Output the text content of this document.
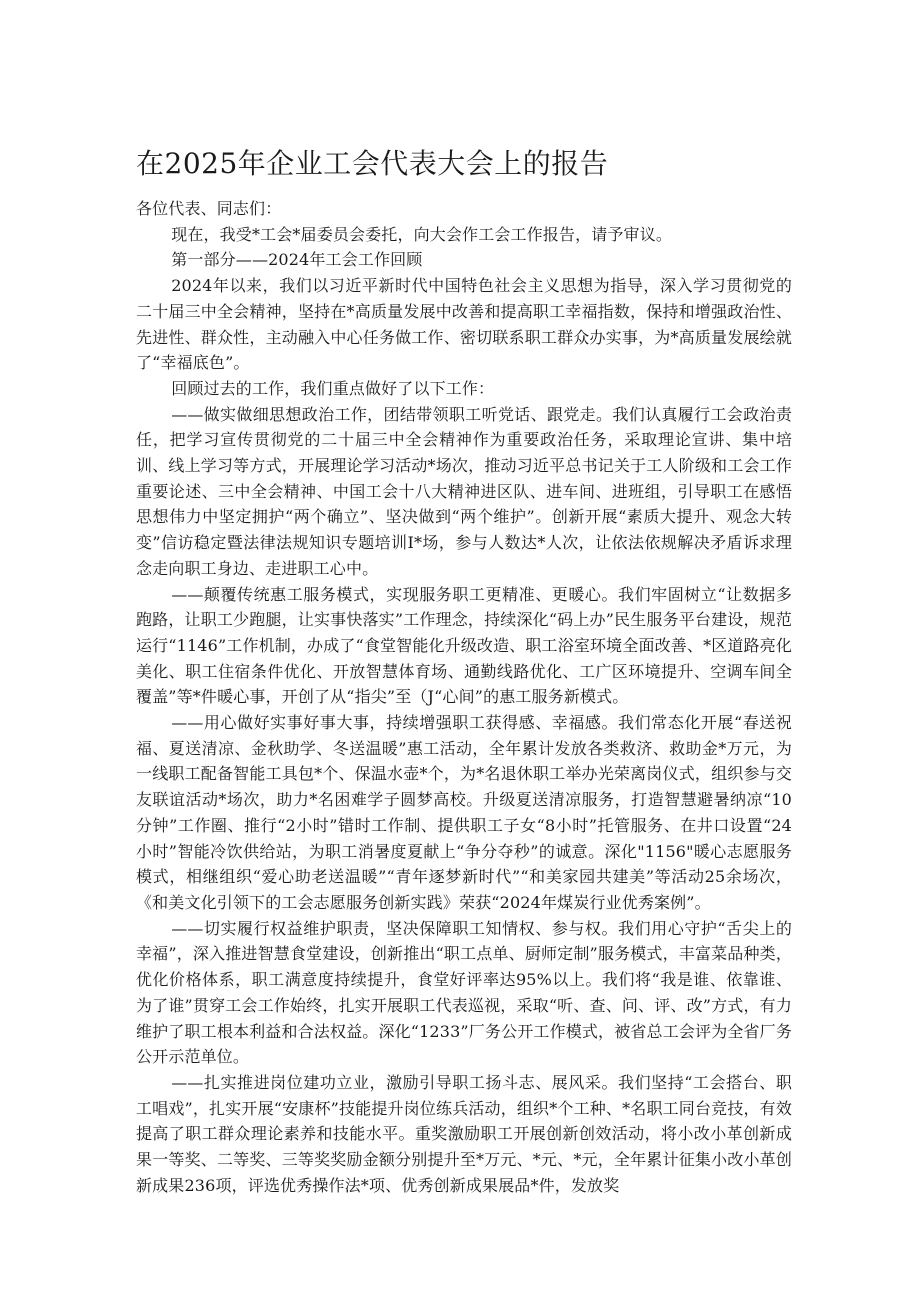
在2025年企业工会代表大会上的报告

各位代表、同志们：

现在，我受*工会*届委员会委托，向大会作工会工作报告，请予审议。

第一部分——2024年工会工作回顾

2024年以来，我们以习近平新时代中国特色社会主义思想为指导，深入学习贯彻党的二十届三中全会精神，坚持在*高质量发展中改善和提高职工幸福指数，保持和增强政治性、先进性、群众性，主动融入中心任务做工作、密切联系职工群众办实事，为*高质量发展绘就了“幸福底色”。

回顾过去的工作，我们重点做好了以下工作：

——做实做细思想政治工作，团结带领职工听党话、跟党走。我们认真履行工会政治责任，把学习宣传贯彻党的二十届三中全会精神作为重要政治任务，采取理论宣讲、集中培训、线上学习等方式，开展理论学习活动*场次，推动习近平总书记关于工人阶级和工会工作重要论述、三中全会精神、中国工会十八大精神进区队、进车间、进班组，引导职工在感悟思想伟力中坚定拥护“两个确立”、坚决做到“两个维护”。创新开展“素质大提升、观念大转变”信访稳定暨法律法规知识专题培训I*场，参与人数达*人次，让依法依规解决矛盾诉求理念走向职工身边、走进职工心中。

——颠覆传统惠工服务模式，实现服务职工更精准、更暖心。我们牢固树立“让数据多跑路，让职工少跑腿，让实事快落实”工作理念，持续深化“码上办”民生服务平台建设，规范运行“1146”工作机制，办成了“食堂智能化升级改造、职工浴室环境全面改善、*区道路亮化美化、职工住宿条件优化、开放智慧体育场、通勤线路优化、工广区环境提升、空调车间全覆盖”等*件暖心事，开创了从“指尖”至（J“心间”的惠工服务新模式。

——用心做好实事好事大事，持续增强职工获得感、幸福感。我们常态化开展“春送祝福、夏送清凉、金秋助学、冬送温暖”惠工活动，全年累计发放各类救济、救助金*万元，为一线职工配备智能工具包*个、保温水壶*个，为*名退休职工举办光荣离岗仪式，组织参与交友联谊活动*场次，助力*名困难学子圆梦高校。升级夏送清凉服务，打造智慧避暑纳凉“10分钟”工作圈、推行“2小时”错时工作制、提供职工子女“8小时”托管服务、在井口设置“24小时”智能冷饮供给站，为职工消暑度夏献上“争分夺秒”的诚意。深化"1156"暖心志愿服务模式，相继组织“爱心助老送温暖”“青年逐梦新时代”“和美家园共建美”等活动25余场次，《和美文化引领下的工会志愿服务创新实践》荣获“2024年煤炭行业优秀案例”。

——切实履行权益维护职责，坚决保障职工知情权、参与权。我们用心守护“舌尖上的幸福”，深入推进智慧食堂建设，创新推出“职工点单、厨师定制”服务模式，丰富菜品种类，优化价格体系，职工满意度持续提升，食堂好评率达95%以上。我们将“我是谁、依靠谁、为了谁”贯穿工会工作始终，扎实开展职工代表巡视，采取“听、查、问、评、改”方式，有力维护了职工根本利益和合法权益。深化“1233”厂务公开工作模式，被省总工会评为全省厂务公开示范单位。

——扎实推进岗位建功立业，激励引导职工扬斗志、展风采。我们坚持“工会搭台、职工唱戏”，扎实开展“安康杯”技能提升岗位练兵活动，组织*个工种、*名职工同台竞技，有效提高了职工群众理论素养和技能水平。重奖激励职工开展创新创效活动，将小改小革创新成果一等奖、二等奖、三等奖奖励金额分别提升至*万元、*元、*元，全年累计征集小改小革创新成果236项，评选优秀操作法*项、优秀创新成果展品*件，发放奖
